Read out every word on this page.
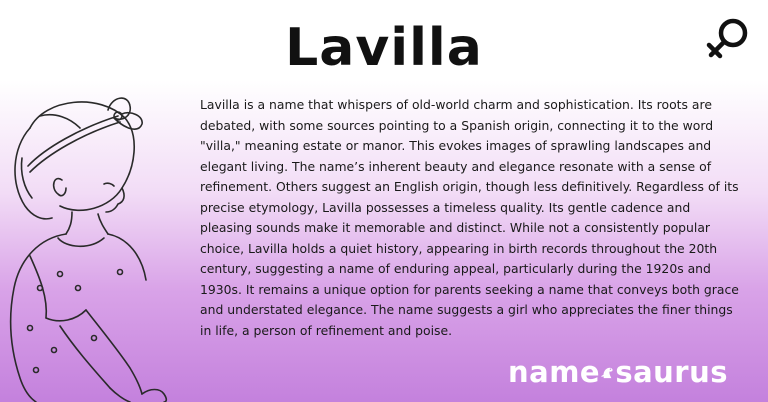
Lavilla

Lavilla is a name that whispers of old-world charm and sophistication. Its roots are debated, with some sources pointing to a Spanish origin, connecting it to the word "villa," meaning estate or manor. This evokes images of sprawling landscapes and elegant living. The name’s inherent beauty and elegance resonate with a sense of refinement. Others suggest an English origin, though less definitively. Regardless of its precise etymology, Lavilla possesses a timeless quality. Its gentle cadence and pleasing sounds make it memorable and distinct. While not a consistently popular choice, Lavilla holds a quiet history, appearing in birth records throughout the 20th century, suggesting a name of enduring appeal, particularly during the 1920s and 1930s. It remains a unique option for parents seeking a name that conveys both grace and understated elegance. The name suggests a girl who appreciates the finer things in life, a person of refinement and poise.

name saurus
